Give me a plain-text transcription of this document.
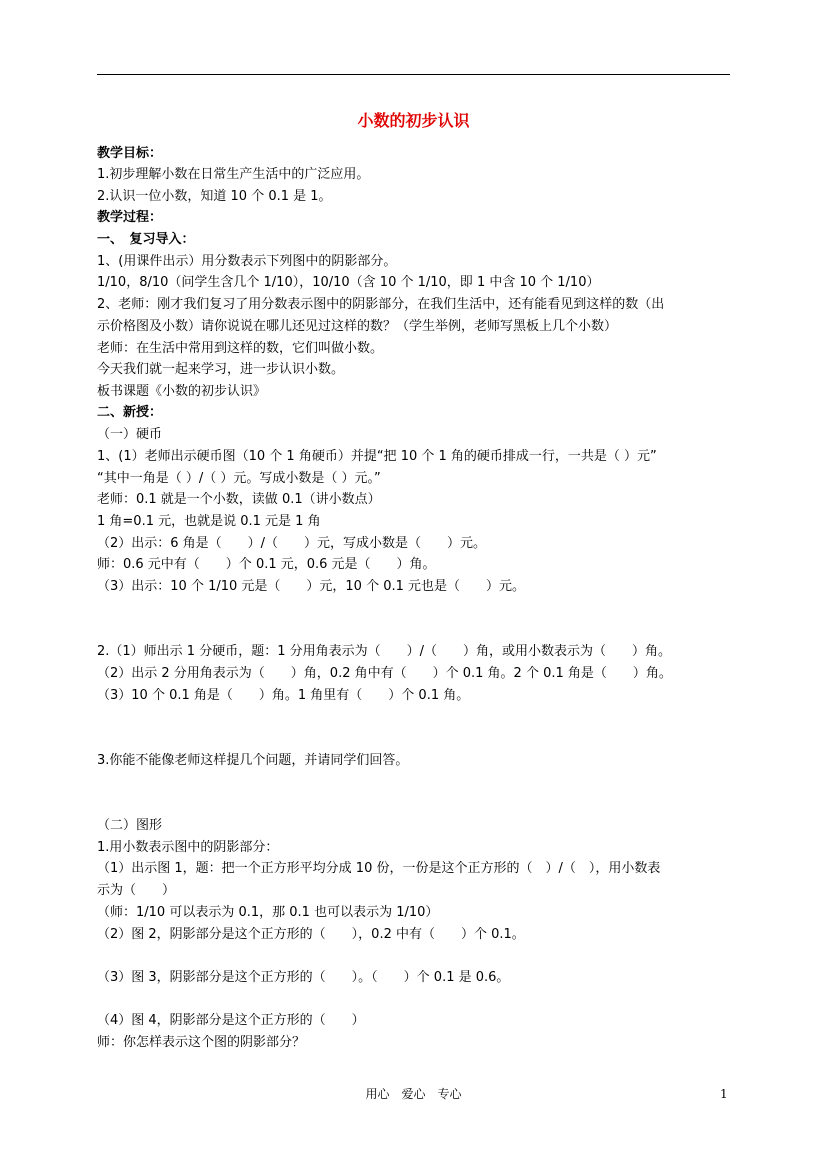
小数的初步认识
教学目标：
1.初步理解小数在日常生产生活中的广泛应用。
2.认识一位小数，知道 10 个 0.1 是 1。
教学过程：
一、　复习导入：
1、(用课件出示）用分数表示下列图中的阴影部分。
1/10，8/10（问学生含几个 1/10），10/10（含 10 个 1/10，即 1 中含 10 个 1/10）
2、老师：刚才我们复习了用分数表示图中的阴影部分，在我们生活中，还有能看见到这样的数（出
示价格图及小数）请你说说在哪儿还见过这样的数？（学生举例，老师写黑板上几个小数）
老师：在生活中常用到这样的数，它们叫做小数。
今天我们就一起来学习，进一步认识小数。
板书课题《小数的初步认识》
二、新授：
（一）硬币
1、(1）老师出示硬币图（10 个 1 角硬币）并提“把 10 个 1 角的硬币排成一行，一共是（ ）元”
“其中一角是（ ）/（ ）元。写成小数是（ ）元。”
老师：0.1 就是一个小数，读做 0.1（讲小数点）
1 角=0.1 元，也就是说 0.1 元是 1 角
（2）出示：6 角是（　　）/（　　）元，写成小数是（　　）元。
师：0.6 元中有（　　）个 0.1 元，0.6 元是（　　）角。
（3）出示：10 个 1/10 元是（　　）元，10 个 0.1 元也是（　　）元。
2.（1）师出示 1 分硬币，题：1 分用角表示为（　　）/（　　）角，或用小数表示为（　　）角。
（2）出示 2 分用角表示为（　　）角，0.2 角中有（　　）个 0.1 角。2 个 0.1 角是（　　）角。
（3）10 个 0.1 角是（　　）角。1 角里有（　　）个 0.1 角。
3.你能不能像老师这样提几个问题，并请同学们回答。
（二）图形
1.用小数表示图中的阴影部分：
（1）出示图 1，题：把一个正方形平均分成 10 份，一份是这个正方形的（　）/（　），用小数表
示为（　　）
（师：1/10 可以表示为 0.1，那 0.1 也可以表示为 1/10）
（2）图 2，阴影部分是这个正方形的（　　），0.2 中有（　　）个 0.1。
（3）图 3，阴影部分是这个正方形的（　　）。（　　）个 0.1 是 0.6。
（4）图 4，阴影部分是这个正方形的（　　）
师：你怎样表示这个图的阴影部分？
用心　爱心　专心	1
